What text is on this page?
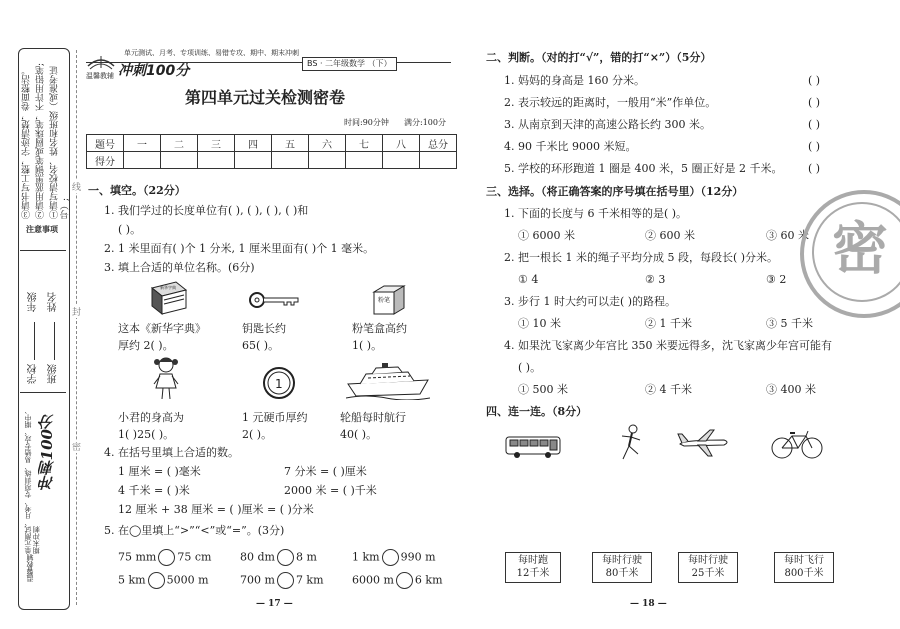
注意事项
①请写清校名、姓名和班级（或准考证号）;
②请用蓝黑钢笔或圆珠笔，不许用铅笔;
③请书写工整，字迹清楚，卷面整洁。
学校
年级
班级
姓名
单元测试、月考、专项训练、易错专攻、期中、期末冲刺
冲刺100分
温馨教辅
线
封
密
温馨教辅 冲刺100分
单元测试、月考、专项训练、易错专攻、期中、期末冲刺
BS · 二年级数学 （下）
第四单元过关检测密卷
时间:90分钟 满分:100分
题号	一	二	三	四	五	六	七	八	总分
得分									
一、填空。（22分）
1. 我们学过的长度单位有( ), ( ), ( ), ( )和
( )。
2. 1 米里面有( )个 1 分米, 1 厘米里面有( )个 1 毫米。
3. 填上合适的单位名称。(6分)
新华字典
粉笔
这本《新华字典》
厚约 2( )。
钥匙长约
65( )。
粉笔盒高约
1( )。
1
小君的身高为
1( )25( )。
1 元硬币厚约
2( )。
轮船每时航行
40( )。
4. 在括号里填上合适的数。
1 厘米 = ( )毫米	7 分米 = ( )厘米
4 千米 = ( )米	2000 米 = ( )千米
12 厘米 + 38 厘米 = ( )厘米 = ( )分米
5. 在◯里填上“>”“<”或“=”。(3分)
75 mm 75 cm	80 dm 8 m	1 km 990 m
5 km 5000 m	700 m 7 km	6000 m 6 km
— 17 —
二、判断。（对的打“√”，错的打“×”）（5分）
1. 妈妈的身高是 160 分米。	( )
2. 表示较远的距离时，一般用“米”作单位。	( )
3. 从南京到天津的高速公路长约 300 米。	( )
4. 90 千米比 9000 米短。	( )
5. 学校的环形跑道 1 圈是 400 米，5 圈正好是 2 千米。 ( )
三、选择。（将正确答案的序号填在括号里）（12分）
1. 下面的长度与 6 千米相等的是( )。
① 6000 米	② 600 米	③ 60 米
2. 把一根长 1 米的绳子平均分成 5 段，每段长( )分米。
① 4	② 3	③ 2
3. 步行 1 时大约可以走( )的路程。
① 10 米	② 1 千米	③ 5 千米
4. 如果沈飞家离少年宫比 350 米要远得多，沈飞家离少年宫可能有
( )。
① 500 米	② 4 千米	③ 400 米
四、连一连。（8分）
每时跑
12千米
每时行驶
80千米
每时行驶
25千米
每时飞行
800千米
— 18 —
密
